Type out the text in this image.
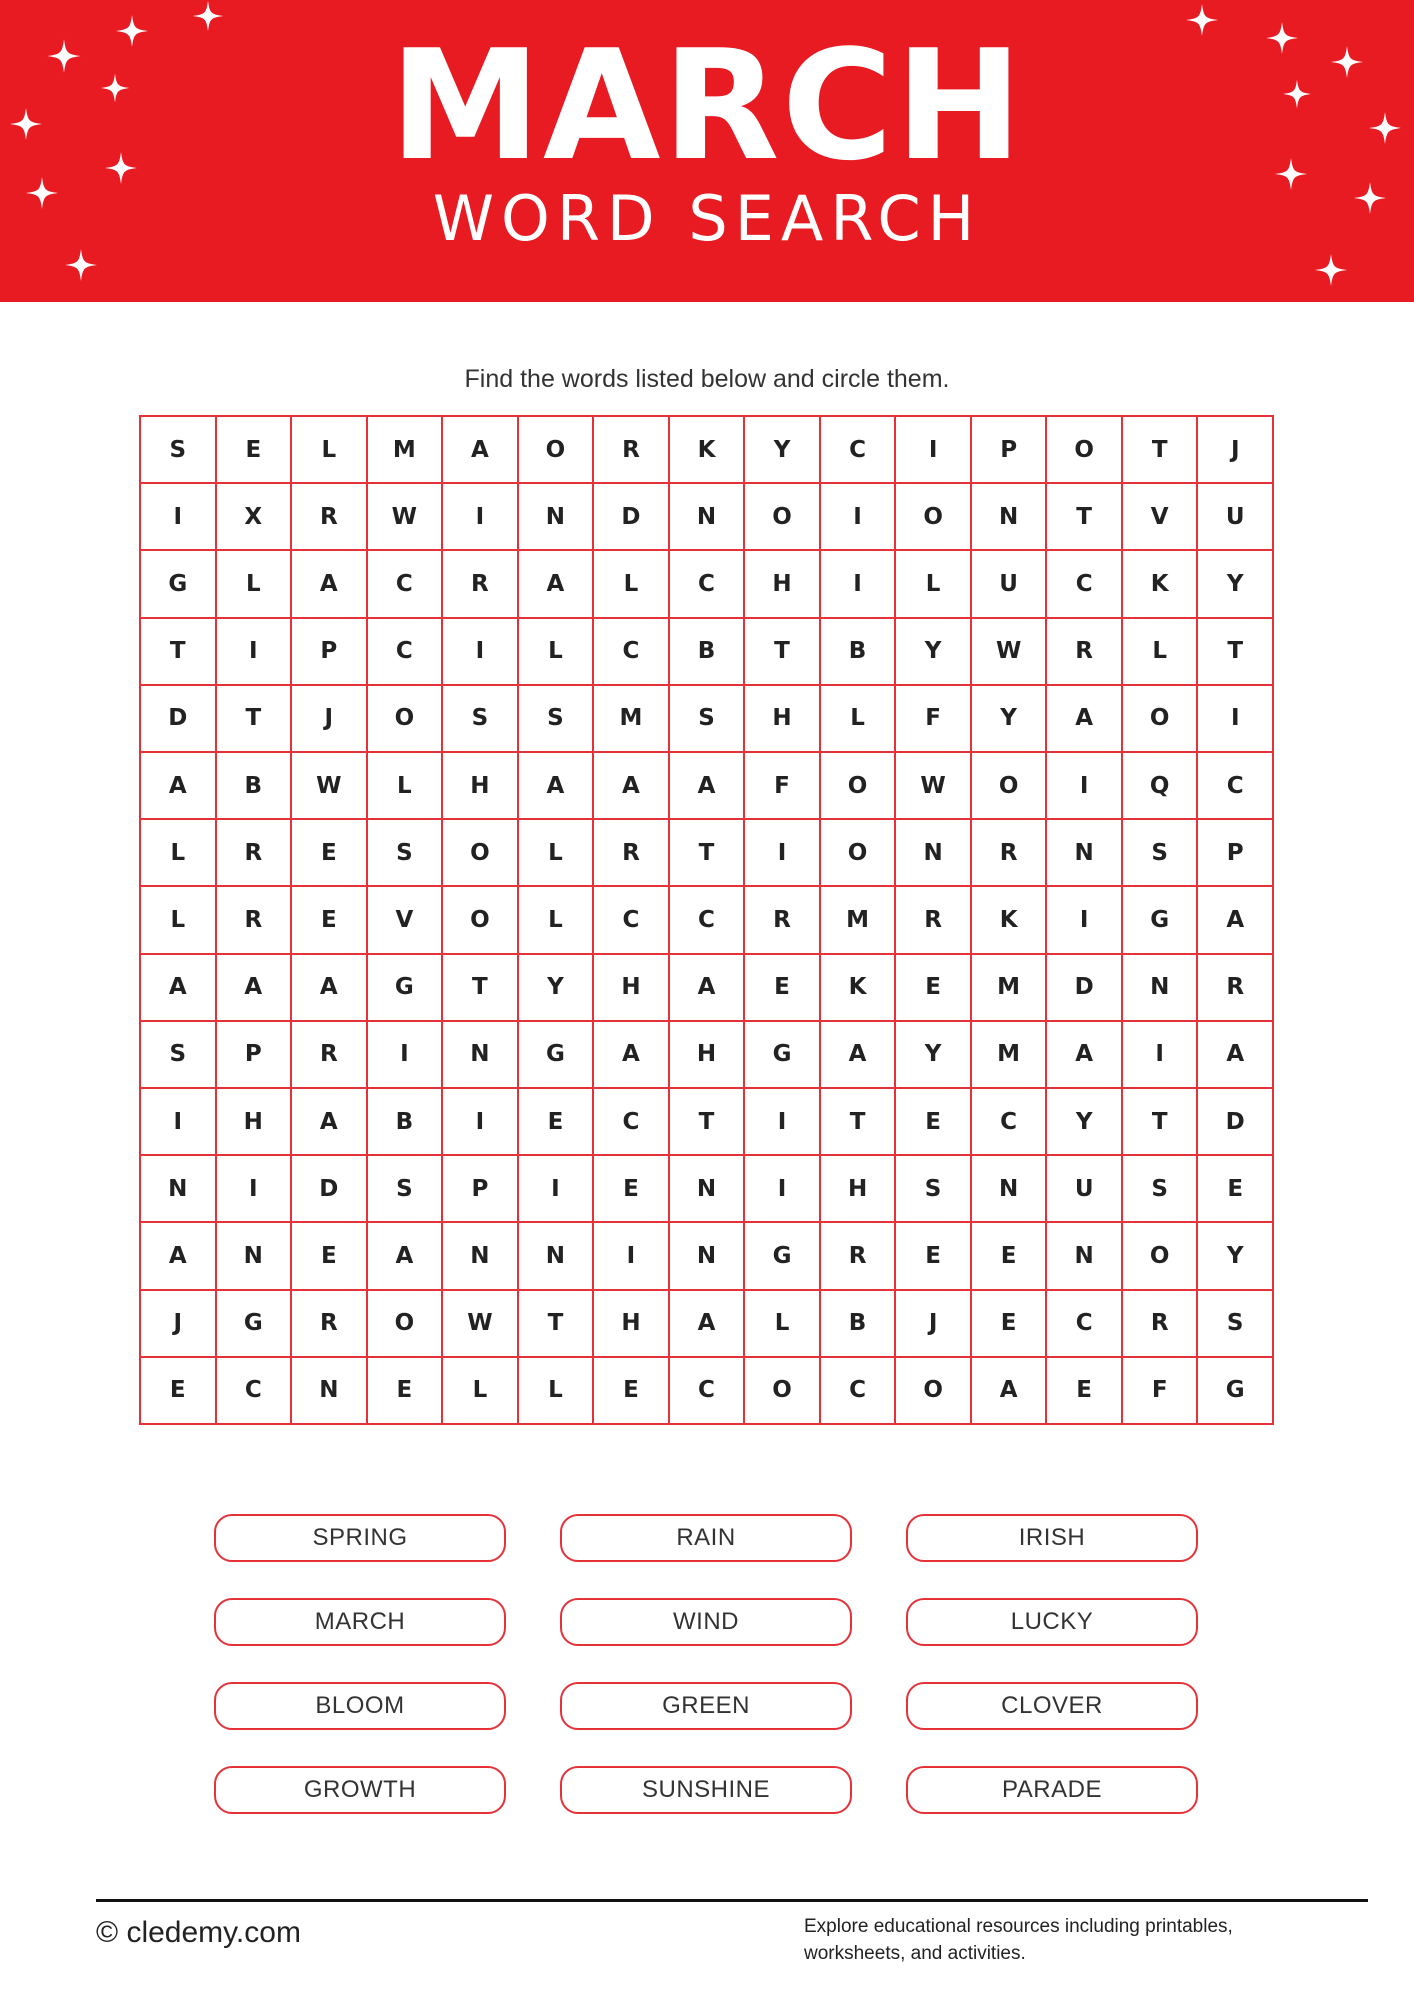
MARCH
WORD SEARCH
Find the words listed below and circle them.
S	E	L	M	A	O	R	K	Y	C	I	P	O	T	J
I	X	R	W	I	N	D	N	O	I	O	N	T	V	U
G	L	A	C	R	A	L	C	H	I	L	U	C	K	Y
T	I	P	C	I	L	C	B	T	B	Y	W	R	L	T
D	T	J	O	S	S	M	S	H	L	F	Y	A	O	I
A	B	W	L	H	A	A	A	F	O	W	O	I	Q	C
L	R	E	S	O	L	R	T	I	O	N	R	N	S	P
L	R	E	V	O	L	C	C	R	M	R	K	I	G	A
A	A	A	G	T	Y	H	A	E	K	E	M	D	N	R
S	P	R	I	N	G	A	H	G	A	Y	M	A	I	A
I	H	A	B	I	E	C	T	I	T	E	C	Y	T	D
N	I	D	S	P	I	E	N	I	H	S	N	U	S	E
A	N	E	A	N	N	I	N	G	R	E	E	N	O	Y
J	G	R	O	W	T	H	A	L	B	J	E	C	R	S
E	C	N	E	L	L	E	C	O	C	O	A	E	F	G
SPRING	RAIN	IRISH
MARCH	WIND	LUCKY
BLOOM	GREEN	CLOVER
GROWTH	SUNSHINE	PARADE
© cledemy.com	Explore educational resources including printables, worksheets, and activities.
